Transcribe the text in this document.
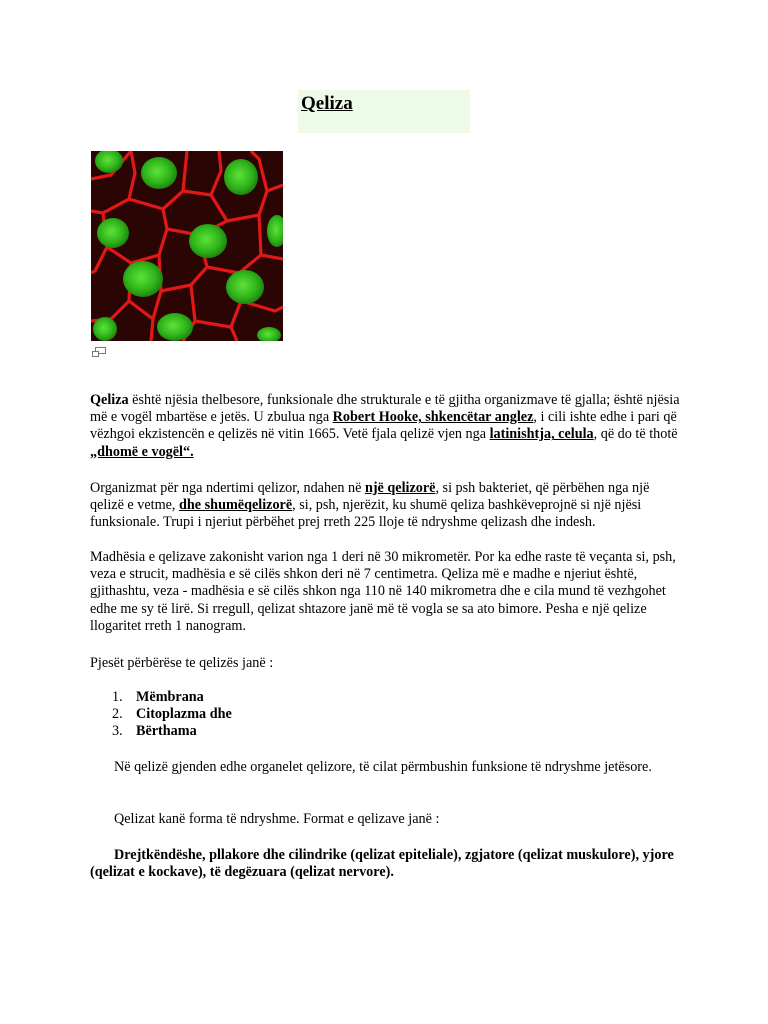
Qeliza

Qeliza është njësia thelbesore, funksionale dhe strukturale e të gjitha organizmave të gjalla; është njësia më e vogël mbartëse e jetës. U zbulua nga Robert Hooke, shkencëtar anglez, i cili ishte edhe i pari që vëzhgoi ekzistencën e qelizës në vitin 1665. Vetë fjala qelizë vjen nga latinishtja, celula, që do të thotë „dhomë e vogël“.

Organizmat për nga ndertimi qelizor, ndahen në një qelizorë, si psh bakteriet, që përbëhen nga një qelizë e vetme, dhe shumëqelizorë, si, psh, njerëzit, ku shumë qeliza bashkëveprojnë si një njësi funksionale. Trupi i njeriut përbëhet prej rreth 225 lloje të ndryshme qelizash dhe indesh.

Madhësia e qelizave zakonisht varion nga 1 deri në 30 mikrometër. Por ka edhe raste të veçanta si, psh, veza e strucit, madhësia e së cilës shkon deri në 7 centimetra. Qeliza më e madhe e njeriut është, gjithashtu, veza - madhësia e së cilës shkon nga 110 në 140 mikrometra dhe e cila mund të vezhgohet edhe me sy të lirë. Si rregull, qelizat shtazore janë më të vogla se sa ato bimore. Pesha e një qelize llogaritet rreth 1 nanogram.

Pjesët përbërëse te qelizës janë :

1. Mëmbrana
2. Citoplazma dhe
3. Bërthama

Në qelizë gjenden edhe organelet qelizore, të cilat përmbushin funksione të ndryshme jetësore.

Qelizat kanë forma të ndryshme. Format e qelizave janë :

Drejtkëndëshe, pllakore dhe cilindrike (qelizat epiteliale), zgjatore (qelizat muskulore), yjore (qelizat e kockave), të degëzuara (qelizat nervore).
